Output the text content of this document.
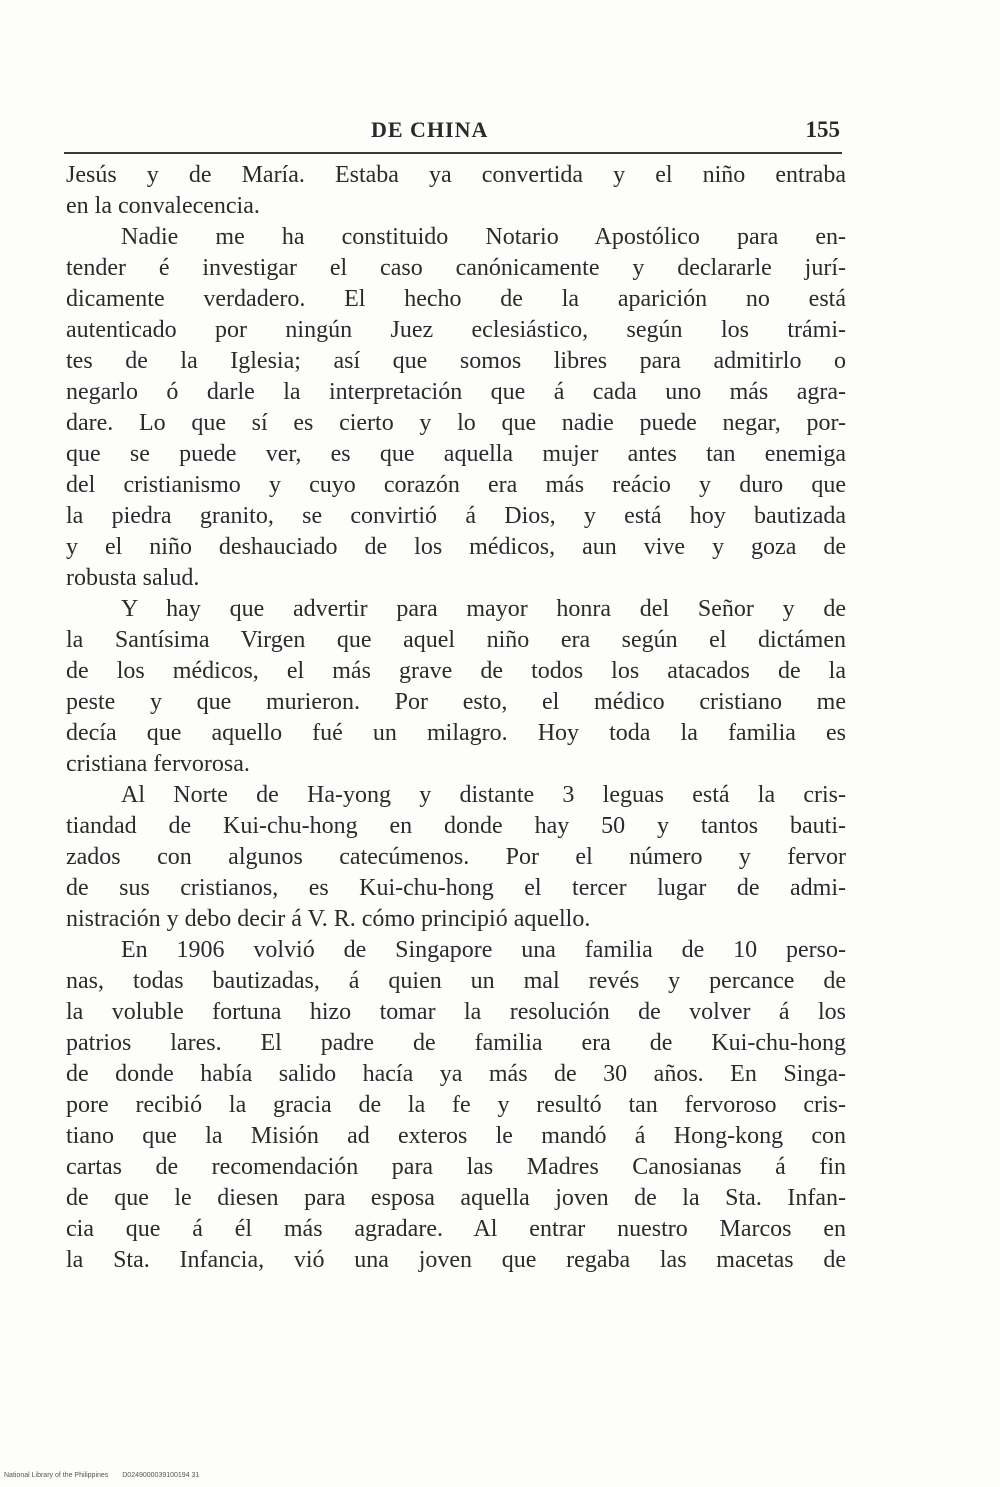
DE CHINA	155
Jesús y de María. Estaba ya convertida y el niño entraba
en la convalecencia.
Nadie me ha constituido Notario Apostólico para en-
tender é investigar el caso canónicamente y declararle jurí-
dicamente verdadero. El hecho de la aparición no está
autenticado por ningún Juez eclesiástico, según los trámi-
tes de la Iglesia; así que somos libres para admitirlo o
negarlo ó darle la interpretación que á cada uno más agra-
dare. Lo que sí es cierto y lo que nadie puede negar, por-
que se puede ver, es que aquella mujer antes tan enemiga
del cristianismo y cuyo corazón era más reácio y duro que
la piedra granito, se convirtió á Dios, y está hoy bautizada
y el niño deshauciado de los médicos, aun vive y goza de
robusta salud.
Y hay que advertir para mayor honra del Señor y de
la Santísima Virgen que aquel niño era según el dictámen
de los médicos, el más grave de todos los atacados de la
peste y que murieron. Por esto, el médico cristiano me
decía que aquello fué un milagro. Hoy toda la familia es
cristiana fervorosa.
Al Norte de Ha-yong y distante 3 leguas está la cris-
tiandad de Kui-chu-hong en donde hay 50 y tantos bauti-
zados con algunos catecúmenos. Por el número y fervor
de sus cristianos, es Kui-chu-hong el tercer lugar de admi-
nistración y debo decir á V. R. cómo principió aquello.
En 1906 volvió de Singapore una familia de 10 perso-
nas, todas bautizadas, á quien un mal revés y percance de
la voluble fortuna hizo tomar la resolución de volver á los
patrios lares. El padre de familia era de Kui-chu-hong
de donde había salido hacía ya más de 30 años. En Singa-
pore recibió la gracia de la fe y resultó tan fervoroso cris-
tiano que la Misión ad exteros le mandó á Hong-kong con
cartas de recomendación para las Madres Canosianas á fin
de que le diesen para esposa aquella joven de la Sta. Infan-
cia que á él más agradare. Al entrar nuestro Marcos en
la Sta. Infancia, vió una joven que regaba las macetas de
National Library of the Philippines D0249000039100194 31
